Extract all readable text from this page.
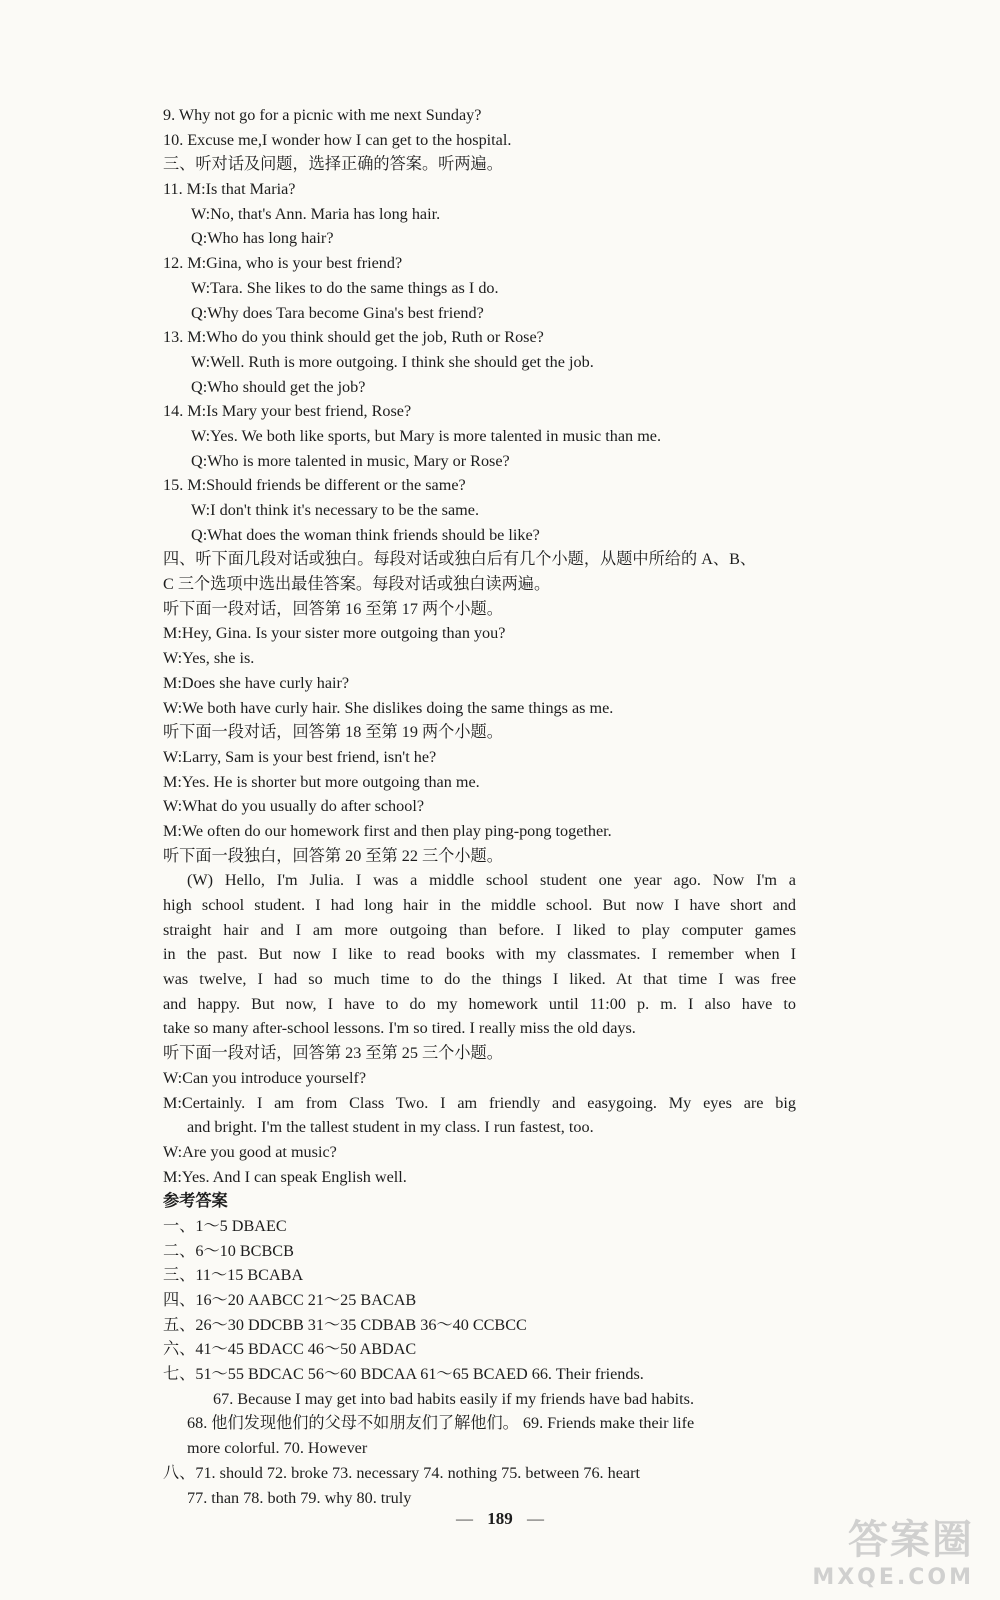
9. Why not go for a picnic with me next Sunday?
10. Excuse me,I wonder how I can get to the hospital.
三、听对话及问题，选择正确的答案。听两遍。
11. M:Is that Maria?
W:No, that's Ann. Maria has long hair.
Q:Who has long hair?
12. M:Gina, who is your best friend?
W:Tara. She likes to do the same things as I do.
Q:Why does Tara become Gina's best friend?
13. M:Who do you think should get the job, Ruth or Rose?
W:Well. Ruth is more outgoing. I think she should get the job.
Q:Who should get the job?
14. M:Is Mary your best friend, Rose?
W:Yes. We both like sports, but Mary is more talented in music than me.
Q:Who is more talented in music, Mary or Rose?
15. M:Should friends be different or the same?
W:I don't think it's necessary to be the same.
Q:What does the woman think friends should be like?
四、听下面几段对话或独白。每段对话或独白后有几个小题，从题中所给的 A、B、
C 三个选项中选出最佳答案。每段对话或独白读两遍。
听下面一段对话，回答第 16 至第 17 两个小题。
M:Hey, Gina. Is your sister more outgoing than you?
W:Yes, she is.
M:Does she have curly hair?
W:We both have curly hair. She dislikes doing the same things as me.
听下面一段对话，回答第 18 至第 19 两个小题。
W:Larry, Sam is your best friend, isn't he?
M:Yes. He is shorter but more outgoing than me.
W:What do you usually do after school?
M:We often do our homework first and then play ping-pong together.
听下面一段独白，回答第 20 至第 22 三个小题。
(W) Hello, I'm Julia. I was a middle school student one year ago. Now I'm a
high school student. I had long hair in the middle school. But now I have short and
straight hair and I am more outgoing than before. I liked to play computer games
in the past. But now I like to read books with my classmates. I remember when I
was twelve, I had so much time to do the things I liked. At that time I was free
and happy. But now, I have to do my homework until 11:00 p. m. I also have to
take so many after-school lessons. I'm so tired. I really miss the old days.
听下面一段对话，回答第 23 至第 25 三个小题。
W:Can you introduce yourself?
M:Certainly. I am from Class Two. I am friendly and easygoing. My eyes are big
and bright. I'm the tallest student in my class. I run fastest, too.
W:Are you good at music?
M:Yes. And I can speak English well.
参考答案
一、1～5 DBAEC
二、6～10 BCBCB
三、11～15 BCABA
四、16～20 AABCC 21～25 BACAB
五、26～30 DDCBB 31～35 CDBAB 36～40 CCBCC
六、41～45 BDACC 46～50 ABDAC
七、51～55 BDCAC 56～60 BDCAA 61～65 BCAED 66. Their friends.
67. Because I may get into bad habits easily if my friends have bad habits.
68. 他们发现他们的父母不如朋友们了解他们。 69. Friends make their life
more colorful. 70. However
八、71. should 72. broke 73. necessary 74. nothing 75. between 76. heart
77. than 78. both 79. why 80. truly
— 189 —	答案圈
MXQE.COM
